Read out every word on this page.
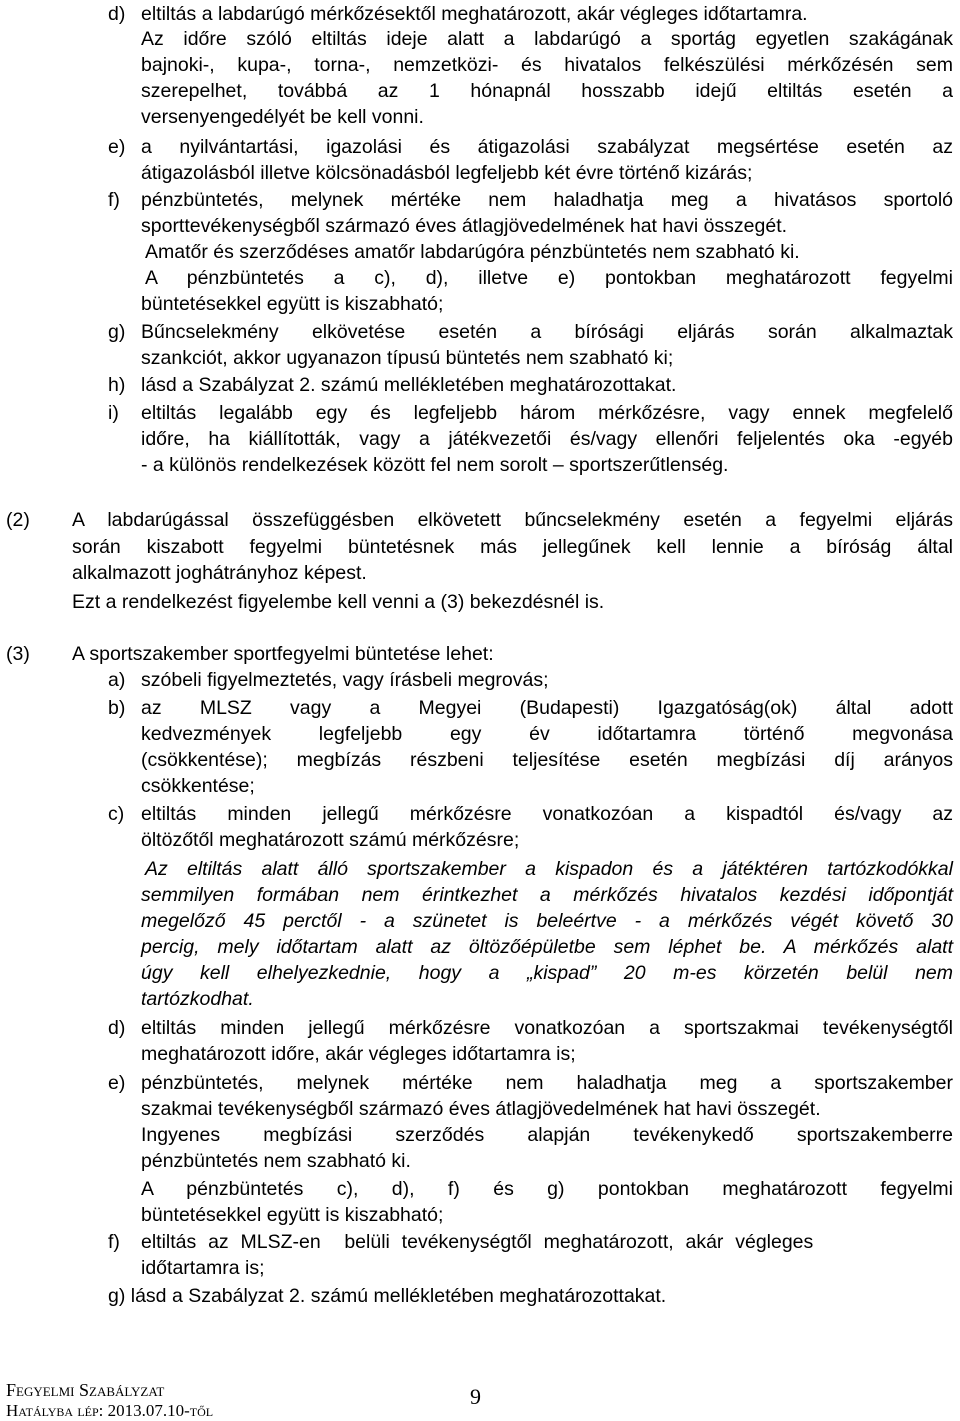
d) eltiltás a labdarúgó mérkőzésektől meghatározott, akár végleges időtartamra.
Az időre szóló eltiltás ideje alatt a labdarúgó a sportág egyetlen szakágának
bajnoki-, kupa-, torna-, nemzetközi- és hivatalos felkészülési mérkőzésén sem
szerepelhet, továbbá az 1 hónapnál hosszabb idejű eltiltás esetén a
versenyengedélyét be kell vonni.
e) a nyilvántartási, igazolási és átigazolási szabályzat megsértése esetén az
átigazolásból illetve kölcsönadásból legfeljebb két évre történő kizárás;
f) pénzbüntetés, melynek mértéke nem haladhatja meg a hivatásos sportoló
sporttevékenységből származó éves átlagjövedelmének hat havi összegét.
Amatőr és szerződéses amatőr labdarúgóra pénzbüntetés nem szabható ki.
A pénzbüntetés a c), d), illetve e) pontokban meghatározott fegyelmi
büntetésekkel együtt is kiszabható;
g) Bűncselekmény elkövetése esetén a bírósági eljárás során alkalmaztak
szankciót, akkor ugyanazon típusú büntetés nem szabható ki;
h) lásd a Szabályzat 2. számú mellékletében meghatározottakat.
i) eltiltás legalább egy és legfeljebb három mérkőzésre, vagy ennek megfelelő
időre, ha kiállították, vagy a játékvezetői és/vagy ellenőri feljelentés oka -egyéb
- a különös rendelkezések között fel nem sorolt – sportszerűtlenség.
(2) A labdarúgással összefüggésben elkövetett bűncselekmény esetén a fegyelmi eljárás
során kiszabott fegyelmi büntetésnek más jellegűnek kell lennie a bíróság által
alkalmazott joghátrányhoz képest.
Ezt a rendelkezést figyelembe kell venni a (3) bekezdésnél is.
(3) A sportszakember sportfegyelmi büntetése lehet:
a) szóbeli figyelmeztetés, vagy írásbeli megrovás;
b) az MLSZ vagy a Megyei (Budapesti) Igazgatóság(ok) által adott
kedvezmények legfeljebb egy év időtartamra történő megvonása
(csökkentése); megbízás részbeni teljesítése esetén megbízási díj arányos
csökkentése;
c) eltiltás minden jellegű mérkőzésre vonatkozóan a kispadtól és/vagy az
öltözőtől meghatározott számú mérkőzésre;
Az eltiltás alatt álló sportszakember a kispadon és a játéktéren tartózkodókkal
semmilyen formában nem érintkezhet a mérkőzés hivatalos kezdési időpontját
megelőző 45 perctől - a szünetet is beleértve - a mérkőzés végét követő 30
percig, mely időtartam alatt az öltözőépületbe sem léphet be. A mérkőzés alatt
úgy kell elhelyezkednie, hogy a „kispad” 20 m-es körzetén belül nem
tartózkodhat.
d) eltiltás minden jellegű mérkőzésre vonatkozóan a sportszakmai tevékenységtől
meghatározott időre, akár végleges időtartamra is;
e) pénzbüntetés, melynek mértéke nem haladhatja meg a sportszakember
szakmai tevékenységből származó éves átlagjövedelmének hat havi összegét.
Ingyenes megbízási szerződés alapján tevékenykedő sportszakemberre
pénzbüntetés nem szabható ki.
A pénzbüntetés c), d), f) és g) pontokban meghatározott fegyelmi
büntetésekkel együtt is kiszabható;
f) eltiltás az MLSZ-en  belüli tevékenységtől meghatározott, akár végleges
időtartamra is;
g) lásd a Szabályzat 2. számú mellékletében meghatározottakat.
Fegyelmi Szabályzat
Hatályba lép: 2013.07.10-től
9
